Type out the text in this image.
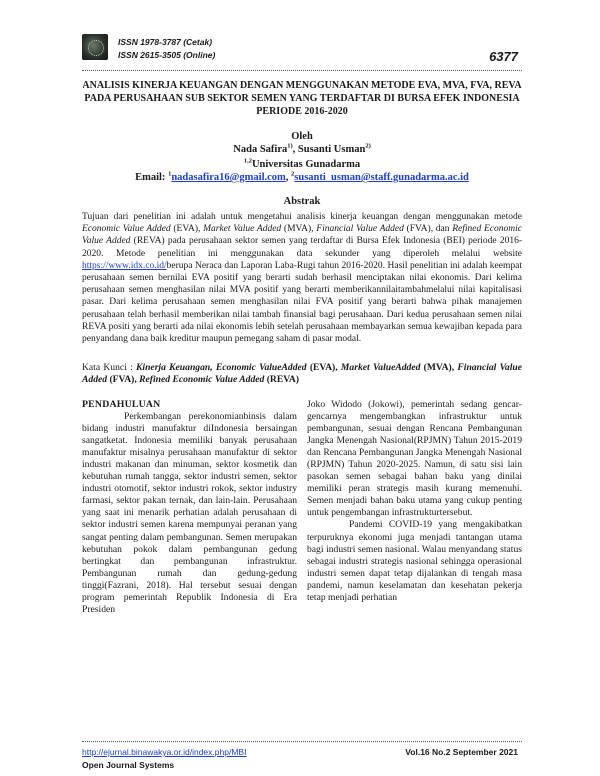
ISSN 1978-3787 (Cetak)
ISSN 2615-3505 (Online)	6377
ANALISIS KINERJA KEUANGAN DENGAN MENGGUNAKAN METODE EVA, MVA, FVA, REVA PADA PERUSAHAAN SUB SEKTOR SEMEN YANG TERDAFTAR DI BURSA EFEK INDONESIA PERIODE 2016-2020
Oleh
Nada Safira$^{1)}$, Susanti Usman$^{2)}$
$^{1,2}$Universitas Gunadarma
Email: $^1$nadasafira16@gmail.com, $^2$susanti_usman@staff.gunadarma.ac.id
Abstrak

Tujuan dari penelitian ini adalah untuk mengetahui analisis kinerja keuangan dengan menggunakan metode Economic Value Added (EVA), Market Value Added (MVA), Financial Value Added (FVA), dan Refined Economic Value Added (REVA) pada perusahaan sektor semen yang terdaftar di Bursa Efek Indonesia (BEI) periode 2016-2020. Metode penelitian ini menggunakan data sekunder yang diperoleh melalui website https://www.idx.co.id/berupa Neraca dan Laporan Laba-Rugi tahun 2016-2020. Hasil penelitian ini adalah keempat perusahaan semen bernilai EVA positif yang berarti sudah berhasil menciptakan nilai ekonomis. Dari kelima perusahaan semen menghasilan nilai MVA positif yang berarti memberikannilaitambahmelalui nilai kapitalisasi pasar. Dari kelima perusahaan semen menghasilan nilai FVA positif yang berarti bahwa pihak manajemen perusahaan telah berhasil memberikan nilai tambah finansial bagi perusahaan. Dari kedua perusahaan semen nilai REVA positi yang berarti ada nilai ekonomis lebih setelah perusahaan membayarkan semua kewajiban kepada para penyandang dana baik kreditur maupun pemegang saham di pasar modal.

Kata Kunci : Kinerja Keuangan, Economic ValueAdded (EVA), Market ValueAdded (MVA), Financial Value Added (FVA), Refined Economic Value Added (REVA)

PENDAHULUAN

Perkembangan perekonomianbinsis dalam bidang industri manufaktur diIndonesia bersaingan sangatketat. Indonesia memiliki banyak perusahaan manufaktur misalnya perusahaan manufaktur di sektor industri makanan dan minuman, sektor kosmetik dan kebutuhan rumah tangga, sektor industri semen, sektor industri otomotif, sektor industri rokok, sektor industry farmasi, sektor pakan ternak, dan lain-lain. Perusahaan yang saat ini menarik perhatian adalah perusahaan di sektor industri semen karena mempunyai peranan yang sangat penting dalam pembangunan. Semen merupakan kebutuhan pokok dalam pembangunan gedung bertingkat dan pembangunan infrastruktur. Pembangunan rumah dan gedung-gedung tinggi(Fazrani, 2018). Hal tersebut sesuai dengan program pemerintah Republik Indonesia di Era Presiden

Joko Widodo (Jokowi), pemerintah sedang gencar-gencarnya mengembangkan infrastruktur untuk pembangunan, sesuai dengan Rencana Pembangunan Jangka Menengah Nasional(RPJMN) Tahun 2015-2019 dan Rencana Pembangunan Jangka Menengah Nasional (RPJMN) Tahun 2020-2025. Namun, di satu sisi lain pasokan semen sebagai bahan baku yang dinilai memiliki peran strategis masih kurang memenuhi. Semen menjadi bahan baku utama yang cukup penting untuk pengembangan infrastrukturtersebut.

Pandemi COVID-19 yang mengakibatkan terpuruknya ekonomi juga menjadi tantangan utama bagi industri semen nasional. Walau menyandang status sebagai industri strategis nasional sehingga operasional industri semen dapat tetap dijalankan di tengah masa pandemi, namun keselamatan dan kesehatan pekerja tetap menjadi perhatian

http://ejurnal.binawakya.or.id/index.php/MBI	Vol.16 No.2 September 2021
Open Journal Systems
